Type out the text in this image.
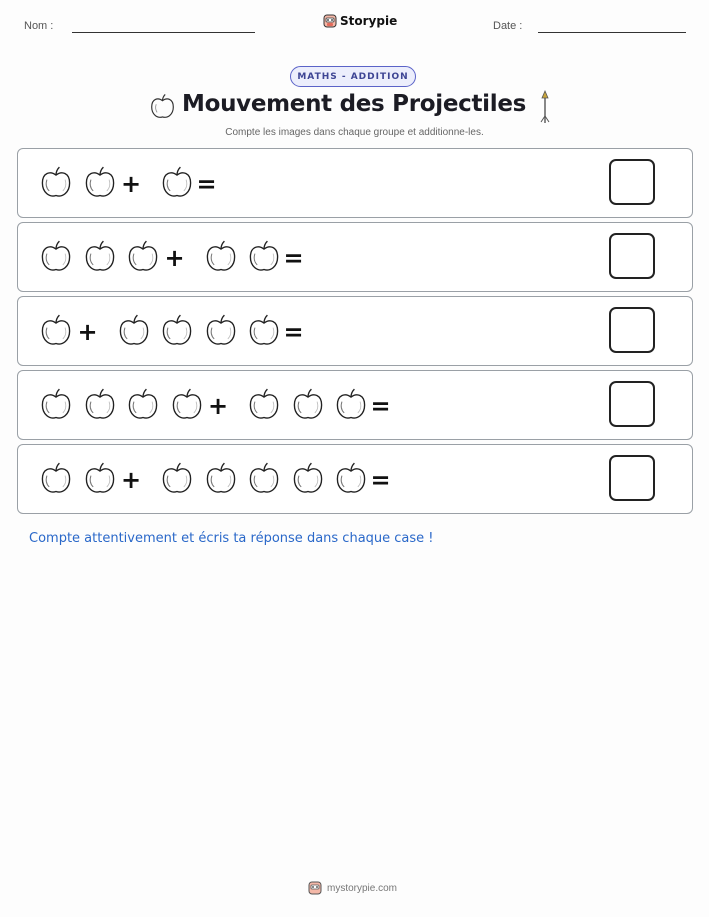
Nom :	Storypie	Date :
MATHS - ADDITION
Mouvement des Projectiles
Compte les images dans chaque groupe et additionne-les.
+ =
+	=
+	=
+	=
+	=
Compte attentivement et écris ta réponse dans chaque case !
mystorypie.com
